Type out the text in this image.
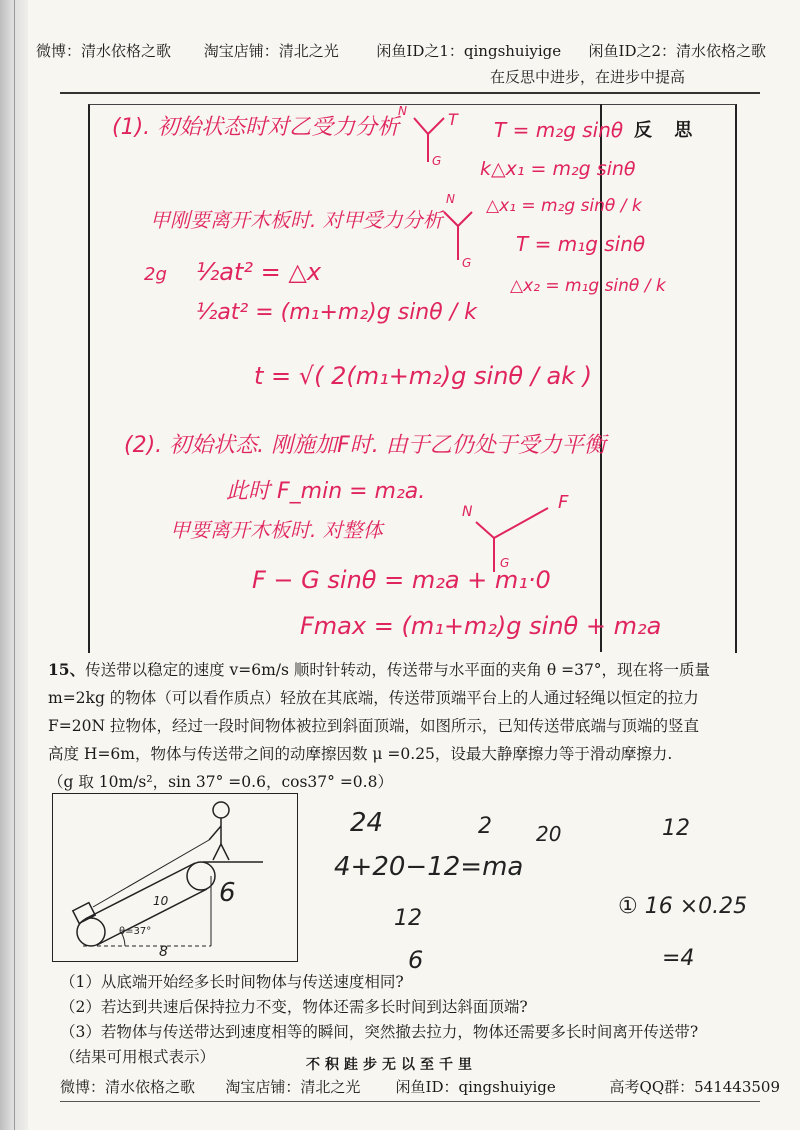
微博：清水依格之歌	淘宝店铺：清北之光	闲鱼ID之1：qingshuiyige	闲鱼ID之2：清水依格之歌
在反思中进步，在进步中提高
反 思
(1). 初始状态时对乙受力分析
N	T
G
T = m₂g sinθ
k△x₁ = m₂g sinθ
△x₁ = m₂g sinθ / k
甲刚要离开木板时. 对甲受力分析
N
G
T = m₁g sinθ
△x₂ = m₁g sinθ / k
2g ½at² = △x
½at² = (m₁+m₂)g sinθ / k
t = √( 2(m₁+m₂)g sinθ / ak )
(2). 初始状态. 刚施加F时. 由于乙仍处于受力平衡
此时 F_min = m₂a.
甲要离开木板时. 对整体
N	F
G
F − G sinθ = m₂a + m₁·0
Fmax = (m₁+m₂)g sinθ + m₂a

15、传送带以稳定的速度 v=6m/s 顺时针转动，传送带与水平面的夹角 θ =37°，现在将一质量

m=2kg 的物体（可以看作质点）轻放在其底端，传送带顶端平台上的人通过轻绳以恒定的拉力

F=20N 拉物体，经过一段时间物体被拉到斜面顶端，如图所示，已知传送带底端与顶端的竖直

高度 H=6m，物体与传送带之间的动摩擦因数 μ =0.25，设最大静摩擦力等于滑动摩擦力.

（g 取 10m/s²，sin 37° =0.6，cos37° =0.8）

θ=37°
6
10
8
24	2 20	12
4+20−12=ma
① 16 ×0.25
12
6	=4

（1）从底端开始经多长时间物体与传送速度相同?

（2）若达到共速后保持拉力不变，物体还需多长时间到达斜面顶端?

（3）若物体与传送带达到速度相等的瞬间，突然撤去拉力，物体还需要多长时间离开传送带?

（结果可用根式表示）	不积跬步无以至千里
微博：清水依格之歌	淘宝店铺：清北之光	闲鱼ID：qingshuiyige	高考QQ群：541443509
